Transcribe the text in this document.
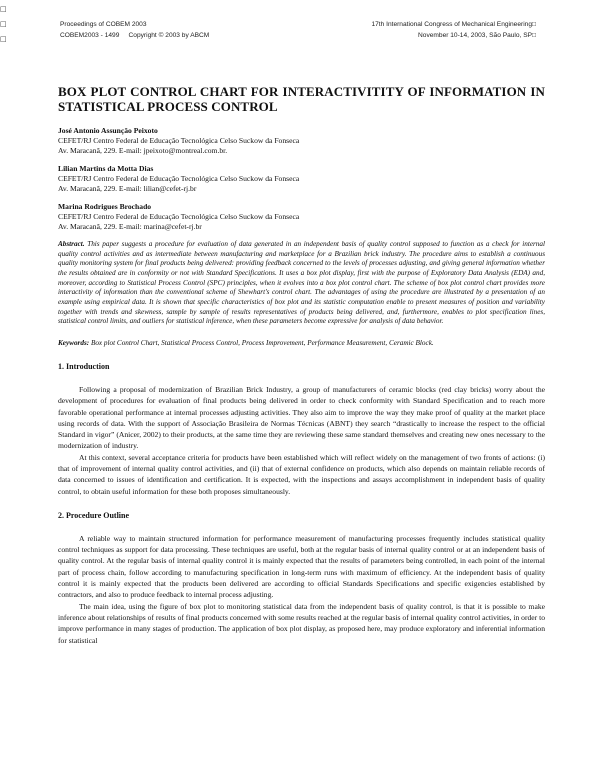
□
□
□
Proceedings of COBEM 2003
COBEM2003 - 1499     Copyright © 2003 by ABCM
17th International Congress of Mechanical Engineering□
November 10-14, 2003, São Paulo, SP□
BOX PLOT CONTROL CHART FOR INTERACTIVITITY OF INFORMATION IN STATISTICAL PROCESS CONTROL
José Antonio Assunção Peixoto
CEFET/RJ Centro Federal de Educação Tecnológica Celso Suckow da Fonseca
Av. Maracanã, 229. E-mail: jpeixoto@montreal.com.br.
Lilian Martins da Motta Dias
CEFET/RJ Centro Federal de Educação Tecnológica Celso Suckow da Fonseca
Av. Maracanã, 229. E-mail: lilian@cefet-rj.br
Marina Rodrigues Brochado
CEFET/RJ Centro Federal de Educação Tecnológica Celso Suckow da Fonseca
Av. Maracanã, 229. E-mail: marina@cefet-rj.br

Abstract. This paper suggests a procedure for evaluation of data generated in an independent basis of quality control supposed to function as a check for internal quality control activities and as intermediate between manufacturing and marketplace for a Brazilian brick industry. The procedure aims to establish a continuous quality monitoring system for final products being delivered: providing feedback concerned to the levels of processes adjusting, and giving general information whether the results obtained are in conformity or not with Standard Specifications. It uses a box plot display, first with the purpose of Exploratory Data Analysis (EDA) and, moreover, according to Statistical Process Control (SPC) principles, when it evolves into a box plot control chart. The scheme of box plot control chart provides more interactivity of information than the conventional scheme of Shewhart's control chart. The advantages of using the procedure are illustrated by a presentation of an example using empirical data. It is shown that specific characteristics of box plot and its statistic computation enable to present measures of position and variability together with trends and skewness, sample by sample of results representatives of products being delivered, and, furthermore, enables to plot specification lines, statistical control limits, and outliers for statistical inference, when these parameters become expressive for analysis of data behavior.

Keywords: Box plot Control Chart, Statistical Process Control, Process Improvement, Performance Measurement, Ceramic Block.

1. Introduction

Following a proposal of modernization of Brazilian Brick Industry, a group of manufacturers of ceramic blocks (red clay bricks) worry about the development of procedures for evaluation of final products being delivered in order to check conformity with Standard Specification and to reach more favorable operational performance at internal processes adjusting activities. They also aim to improve the way they make proof of quality at the market place using records of data. With the support of Associação Brasileira de Normas Técnicas (ABNT) they search “drastically to increase the respect to the official Standard in vigor” (Anicer, 2002) to their products, at the same time they are reviewing these same standard themselves and creating new ones necessary to the modernization of industry.

At this context, several acceptance criteria for products have been established which will reflect widely on the management of two fronts of actions: (i) that of improvement of internal quality control activities, and (ii) that of external confidence on products, which also depends on maintain reliable records of data concerned to issues of identification and certification. It is expected, with the inspections and assays accomplishment in independent basis of quality control, to obtain useful information for these both proposes simultaneously.

2. Procedure Outline

A reliable way to maintain structured information for performance measurement of manufacturing processes frequently includes statistical quality control techniques as support for data processing. These techniques are useful, both at the regular basis of internal quality control or at an independent basis of quality control. At the regular basis of internal quality control it is mainly expected that the results of parameters being controlled, in each point of the internal part of process chain, follow according to manufacturing specification in long-term runs with maximum of efficiency. At the independent basis of quality control it is mainly expected that the products been delivered are according to official Standards Specifications and specific exigencies established by contractors, and also to produce feedback to internal process adjusting.

The main idea, using the figure of box plot to monitoring statistical data from the independent basis of quality control, is that it is possible to make inference about relationships of results of final products concerned with some results reached at the regular basis of internal quality control activities, in order to improve performance in many stages of production. The application of box plot display, as proposed here, may produce exploratory and inferential information for statistical
